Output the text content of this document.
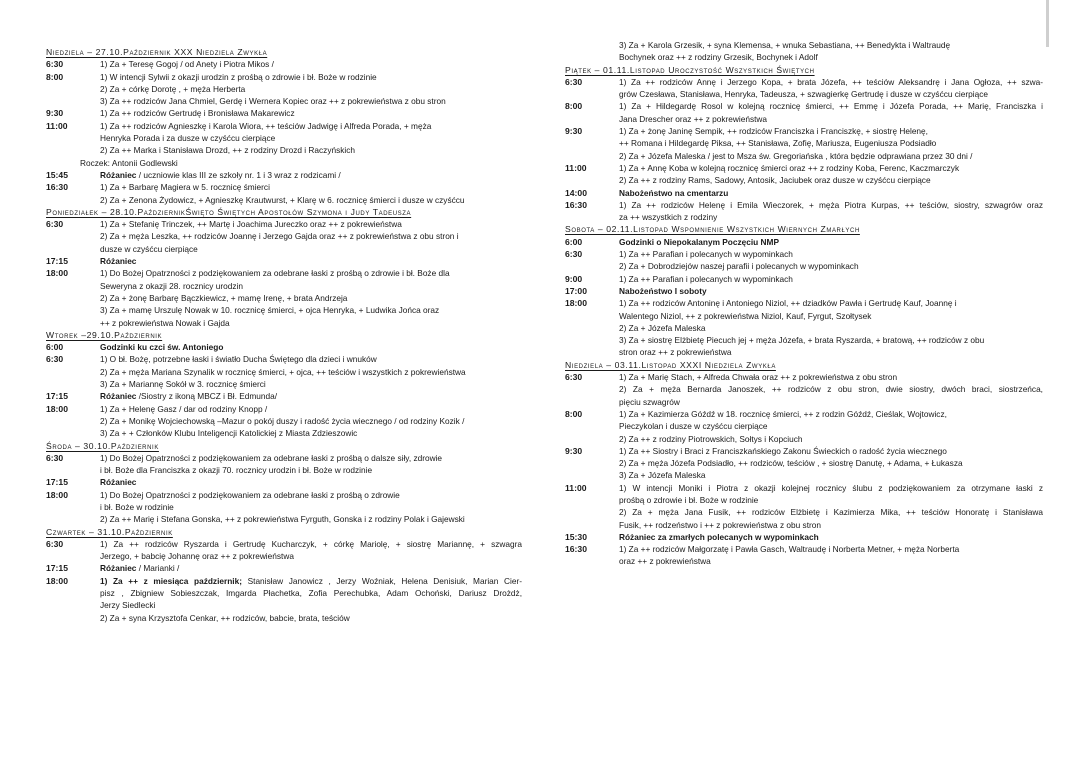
Niedziela – 27.10.Październik XXX Niedziela Zwykła
6:30	1) Za + Teresę Gogoj / od Anety i Piotra Mikos /
8:00	1) W intencji Sylwii z okazji urodzin z prośbą o zdrowie i bł. Boże w rodzinie
2) Za + córkę Dorotę , + męża Herberta
3) Za ++ rodziców Jana Chmiel, Gerdę i Wernera Kopiec oraz ++ z pokrewieństwa z obu stron
9:30	1) Za ++ rodziców Gertrudę i Bronisława Makarewicz
11:00	1) Za ++ rodziców Agnieszkę i Karola Wiora, ++ teściów Jadwigę i Alfreda Porada, + męża
Henryka Porada i za dusze w czyśćcu cierpiące
2) Za ++ Marka i Stanisława Drozd, ++ z rodziny Drozd i Raczyńskich
Roczek: Antonii Godlewski
15:45	Różaniec / uczniowie klas III ze szkoły nr. 1 i 3 wraz z rodzicami /
16:30	1) Za + Barbarę Magiera w 5. rocznicę śmierci
2) Za + Zenona Żydowicz, + Agnieszkę Krautwurst, + Klarę w 6. rocznicę śmierci i dusze w czyśćcu
Poniedziałek – 28.10.PaździernikŚwięto Świętych Apostołów Szymona i Judy Tadeusza
6:30	1) Za + Stefanię Trinczek, ++ Martę i Joachima Jureczko oraz ++ z pokrewieństwa
2) Za + męża Leszka, ++ rodziców Joannę i Jerzego Gajda oraz ++ z pokrewieństwa z obu stron i
dusze w czyśćcu cierpiące
17:15	Różaniec
18:00	1) Do Bożej Opatrzności z podziękowaniem za odebrane łaski z prośbą o zdrowie i bł. Boże dla
Seweryna z okazji 28. rocznicy urodzin
2) Za + żonę Barbarę Bączkiewicz, + mamę Irenę, + brata Andrzeja
3) Za + mamę Urszulę Nowak w 10. rocznicę śmierci, + ojca Henryka, + Ludwika Jońca oraz
++ z pokrewieństwa Nowak i Gajda
Wtorek –29.10.Październik
6:00	Godzinki ku czci św. Antoniego
6:30	1) O bł. Bożę, potrzebne łaski i światło Ducha Świętego dla dzieci i wnuków
2) Za + męża Mariana Szynalik w rocznicę śmierci, + ojca, ++ teściów i wszystkich z pokrewieństwa
3) Za + Mariannę Sokół w 3. rocznicę śmierci
17:15	Różaniec /Siostry z ikoną MBCZ i Bł. Edmunda/
18:00	1) Za + Helenę Gasz / dar od rodziny Knopp /
2) Za + Monikę Wojciechowską –Mazur o pokój duszy i radość życia wiecznego / od rodziny Kozik /
3) Za + + Członków Klubu Inteligencji Katolickiej z Miasta Zdzieszowic
Środa – 30.10.Październik
6:30	1) Do Bożej Opatrzności z podziękowaniem za odebrane łaski z prośbą o dalsze siły, zdrowie
i bł. Boże dla Franciszka z okazji 70. rocznicy urodzin i bł. Boże w rodzinie
17:15	Różaniec
18:00	1) Do Bożej Opatrzności z podziękowaniem za odebrane łaski z prośbą o zdrowie
i bł. Boże w rodzinie
2) Za ++ Marię i Stefana Gonska, ++ z pokrewieństwa Fyrguth, Gonska i z rodziny Polak i Gajewski
Czwartek – 31.10.Październik
6:30	1) Za ++ rodziców Ryszarda i Gertrudę Kucharczyk, + córkę Mariolę, + siostrę Mariannę, + szwagra
Jerzego, + babcię Johannę oraz ++ z pokrewieństwa
17:15	Różaniec / Marianki /
18:00	1) Za ++ z miesiąca październik; Stanisław Janowicz , Jerzy Woźniak, Helena Denisiuk, Marian Cier-
pisz , Zbigniew Sobieszczak, Imgarda Płachetka, Zofia Perechubka, Adam Ochoński, Dariusz Drożdż,
Jerzy Siedlecki
2) Za + syna Krzysztofa Cenkar, ++ rodziców, babcie, brata, teściów
3) Za + Karola Grzesik, + syna Klemensa, + wnuka Sebastiana, ++ Benedykta i Waltraudę
Bochynek oraz ++ z rodziny Grzesik, Bochynek i Adolf
Piątek – 01.11.Listopad Uroczystość Wszystkich Świętych
6:30	1) Za ++ rodziców Annę i Jerzego Kopa, + brata Józefa, ++ teściów Aleksandrę i Jana Ogłoza, ++ szwa-
grów Czesława, Stanisława, Henryka, Tadeusza, + szwagierkę Gertrudę i dusze w czyśćcu cierpiące
8:00	1) Za + Hildegardę Rosol w kolejną rocznicę śmierci, ++ Emmę i Józefa Porada, ++ Marię, Franciszka i
Jana Drescher oraz ++ z pokrewieństwa
9:30	1) Za + żonę Janinę Sempik, ++ rodziców Franciszka i Franciszkę, + siostrę Helenę,
++ Romana i Hildegardę Piksa, ++ Stanisława, Zofię, Mariusza, Eugeniusza Podsiadło
2) Za + Józefa Maleska / jest to Msza św. Gregoriańska , która będzie odprawiana przez 30 dni /
11:00	1) Za + Annę Koba w kolejną rocznicę śmierci oraz ++ z rodziny Koba, Ferenc, Kaczmarczyk
2) Za ++ z rodziny Rams, Sadowy, Antosik, Jaciubek oraz dusze w czyśćcu cierpiące
14:00	Nabożeństwo na cmentarzu
16:30	1) Za ++ rodziców Helenę i Emila Wieczorek, + męża Piotra Kurpas, ++ teściów, siostry, szwagrów oraz
za ++ wszystkich z rodziny
Sobota – 02.11.Listopad Wspomnienie Wszystkich Wiernych Zmarłych
6:00	Godzinki o Niepokalanym Poczęciu NMP
6:30	1) Za ++ Parafian i polecanych w wypominkach
2) Za + Dobrodziejów naszej parafii i polecanych w wypominkach
9:00	1) Za ++ Parafian i polecanych w wypominkach
17:00	Nabożeństwo I soboty
18:00	1) Za ++ rodziców Antoninę i Antoniego Niziol, ++ dziadków Pawła i Gertrudę Kauf, Joannę i
Walentego Niziol, ++ z pokrewieństwa Niziol, Kauf, Fyrgut, Szołtysek
2) Za + Józefa Maleska
3) Za + siostrę Elżbietę Piecuch jej + męża Józefa, + brata Ryszarda, + bratową, ++ rodziców z obu
stron oraz ++ z pokrewieństwa
Niedziela – 03.11.Listopad XXXI Niedziela Zwykła
6:30	1) Za + Marię Stach, + Alfreda Chwała oraz ++ z pokrewieństwa z obu stron
2) Za + męża Bernarda Janoszek, ++ rodziców z obu stron, dwie siostry, dwóch braci, siostrzeńca,
pięciu szwagrów
8:00	1) Za + Kazimierza Góźdź w 18. rocznicę śmierci, ++ z rodzin Góźdź, Cieślak, Wojtowicz,
Pieczykolan i dusze w czyśćcu cierpiące
2) Za ++ z rodziny Piotrowskich, Sołtys i Kopciuch
9:30	1) Za ++ Siostry i Braci z Franciszkańskiego Zakonu Świeckich o radość życia wiecznego
2) Za + męża Józefa Podsiadło, ++ rodziców, teściów , + siostrę Danutę, + Adama, + Łukasza
3) Za + Józefa Maleska
11:00	1) W intencji Moniki i Piotra z okazji kolejnej rocznicy ślubu z podziękowaniem za otrzymane łaski z
prośbą o zdrowie i bł. Boże w rodzinie
2) Za + męża Jana Fusik, ++ rodziców Elżbietę i Kazimierza Mika, ++ teściów Honoratę i Stanisława
Fusik, ++ rodzeństwo i ++ z pokrewieństwa z obu stron
15:30	Różaniec za zmarłych polecanych w wypominkach
16:30	1) Za ++ rodziców Małgorzatę i Pawła Gasch, Waltraudę i Norberta Metner, + męża Norberta
oraz ++ z pokrewieństwa
